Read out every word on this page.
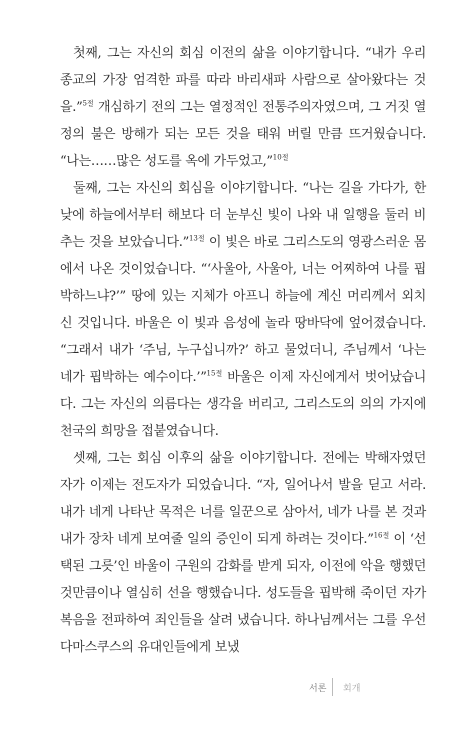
첫째, 그는 자신의 회심 이전의 삶을 이야기합니다. “내가 우리 종교의 가장 엄격한 파를 따라 바리새파 사람으로 살아왔다는 것을.”$^{5절}$ 개심하기 전의 그는 열정적인 전통주의자였으며, 그 거짓 열정의 불은 방해가 되는 모든 것을 태워 버릴 만큼 뜨거웠습니다. “나는……많은 성도를 옥에 가두었고,”$^{10절}$

둘째, 그는 자신의 회심을 이야기합니다. “나는 길을 가다가, 한낮에 하늘에서부터 해보다 더 눈부신 빛이 나와 내 일행을 둘러 비추는 것을 보았습니다.”$^{13절}$ 이 빛은 바로 그리스도의 영광스러운 몸에서 나온 것이었습니다. “‘사울아, 사울아, 너는 어찌하여 나를 핍박하느냐?’” 땅에 있는 지체가 아프니 하늘에 계신 머리께서 외치신 것입니다. 바울은 이 빛과 음성에 놀라 땅바닥에 엎어졌습니다. “그래서 내가 ‘주님, 누구십니까?’ 하고 물었더니, 주님께서 ‘나는 네가 핍박하는 예수이다.’”$^{15절}$ 바울은 이제 자신에게서 벗어났습니다. 그는 자신의 의름다는 생각을 버리고, 그리스도의 의의 가지에 천국의 희망을 접붙였습니다.

셋째, 그는 회심 이후의 삶을 이야기합니다. 전에는 박해자였던 자가 이제는 전도자가 되었습니다. “자, 일어나서 발을 딛고 서라. 내가 네게 나타난 목적은 너를 일꾼으로 삼아서, 네가 나를 본 것과 내가 장차 네게 보여줄 일의 증인이 되게 하려는 것이다.”$^{16절}$ 이 ‘선택된 그릇’인 바울이 구원의 감화를 받게 되자, 이전에 악을 행했던 것만큼이나 열심히 선을 행했습니다. 성도들을 핍박해 죽이던 자가 복음을 전파하여 죄인들을 살려 냈습니다. 하나님께서는 그를 우선 다마스쿠스의 유대인들에게 보냈

서론 회개
